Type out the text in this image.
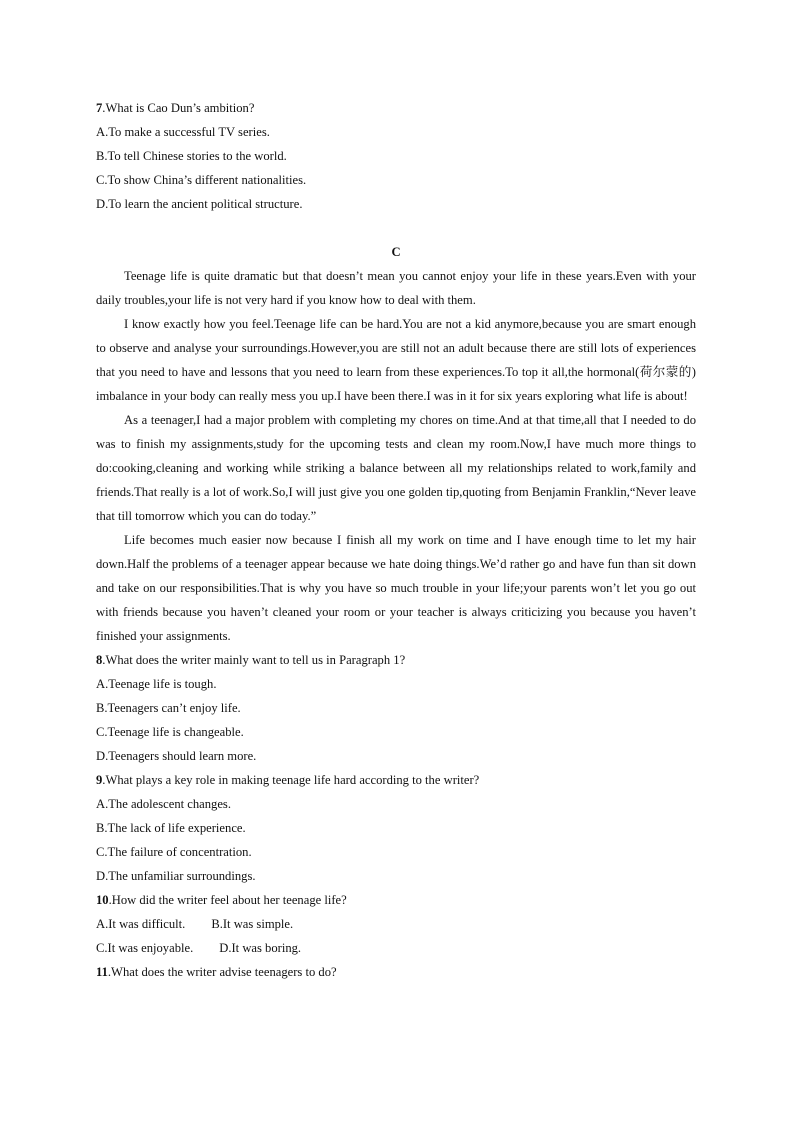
7.What is Cao Dun’s ambition?
A.To make a successful TV series.
B.To tell Chinese stories to the world.
C.To show China’s different nationalities.
D.To learn the ancient political structure.
C
Teenage life is quite dramatic but that doesn’t mean you cannot enjoy your life in these years.Even with your daily troubles,your life is not very hard if you know how to deal with them.
I know exactly how you feel.Teenage life can be hard.You are not a kid anymore,because you are smart enough to observe and analyse your surroundings.However,you are still not an adult because there are still lots of experiences that you need to have and lessons that you need to learn from these experiences.To top it all,the hormonal(荷尔蒙的) imbalance in your body can really mess you up.I have been there.I was in it for six years exploring what life is about!
As a teenager,I had a major problem with completing my chores on time.And at that time,all that I needed to do was to finish my assignments,study for the upcoming tests and clean my room.Now,I have much more things to do:cooking,cleaning and working while striking a balance between all my relationships related to work,family and friends.That really is a lot of work.So,I will just give you one golden tip,quoting from Benjamin Franklin,“Never leave that till tomorrow which you can do today.”
Life becomes much easier now because I finish all my work on time and I have enough time to let my hair down.Half the problems of a teenager appear because we hate doing things.We’d rather go and have fun than sit down and take on our responsibilities.That is why you have so much trouble in your life;your parents won’t let you go out with friends because you haven’t cleaned your room or your teacher is always criticizing you because you haven’t finished your assignments.
8.What does the writer mainly want to tell us in Paragraph 1?
A.Teenage life is tough.
B.Teenagers can’t enjoy life.
C.Teenage life is changeable.
D.Teenagers should learn more.
9.What plays a key role in making teenage life hard according to the writer?
A.The adolescent changes.
B.The lack of life experience.
C.The failure of concentration.
D.The unfamiliar surroundings.
10.How did the writer feel about her teenage life?
A.It was difficult. B.It was simple.
C.It was enjoyable. D.It was boring.
11.What does the writer advise teenagers to do?
